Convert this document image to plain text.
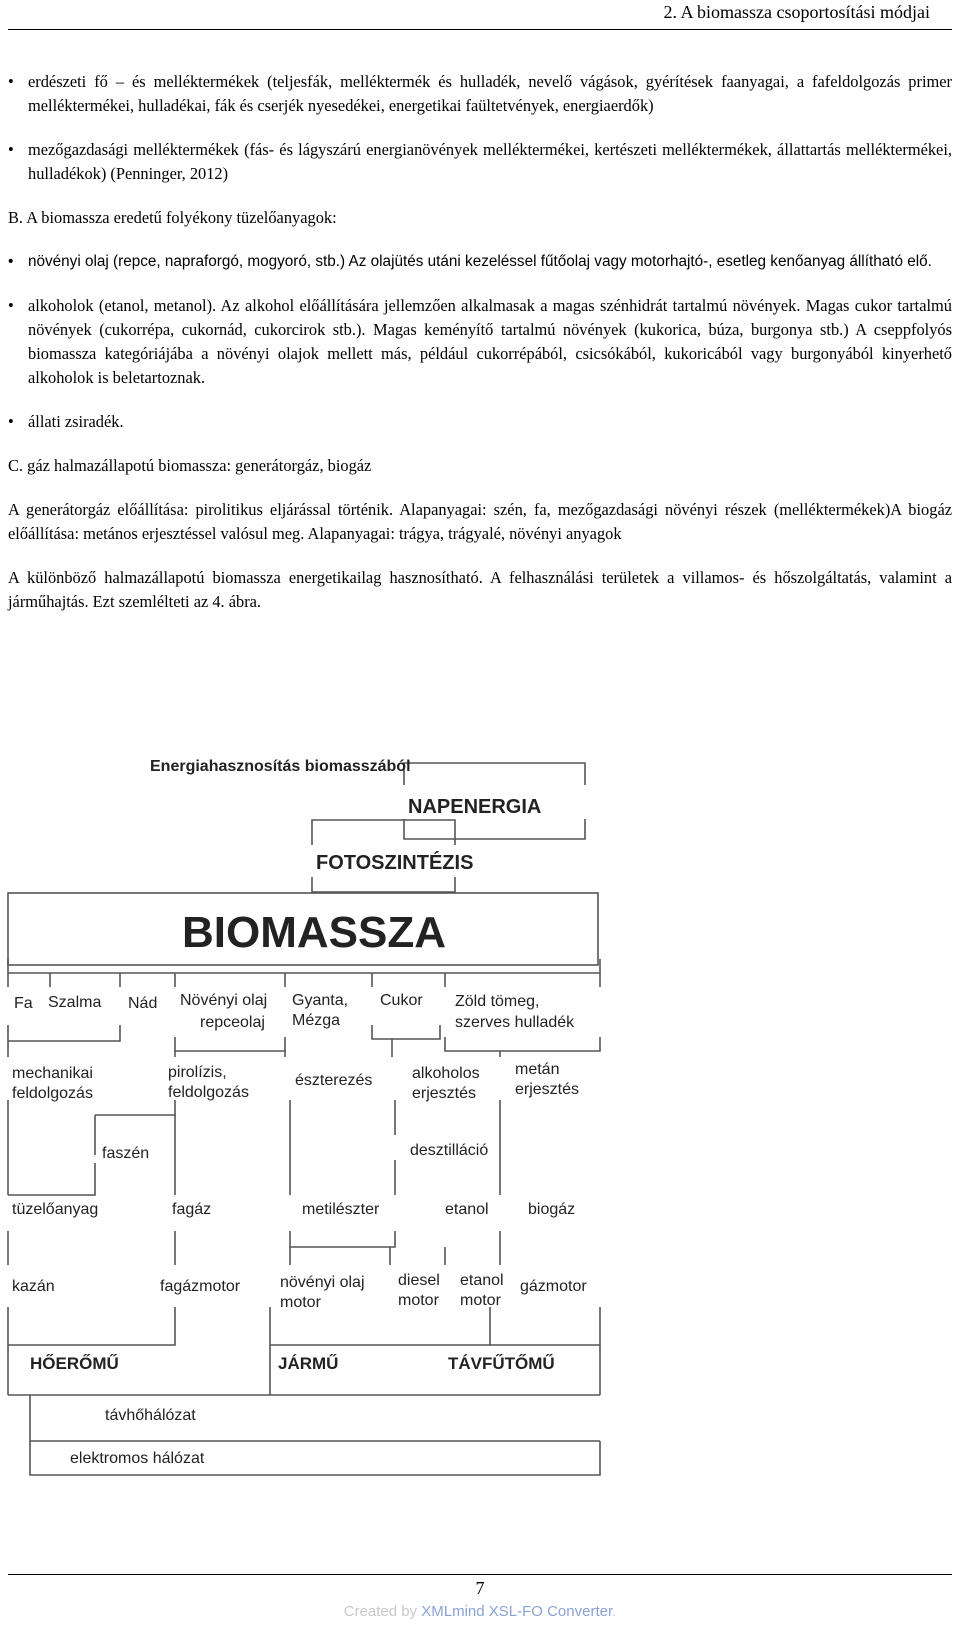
2. A biomassza csoportosítási módjai
• erdészeti fő – és melléktermékek (teljesfák, melléktermék és hulladék, nevelő vágások, gyérítések faanyagai, a fafeldolgozás primer melléktermékei, hulladékai, fák és cserjék nyesedékei, energetikai faültetvények, energiaerdők)
• mezőgazdasági melléktermékek (fás- és lágyszárú energianövények melléktermékei, kertészeti melléktermékek, állattartás melléktermékei, hulladékok) (Penninger, 2012)
B. A biomassza eredetű folyékony tüzelőanyagok:
• növényi olaj (repce, napraforgó, mogyoró, stb.) Az olajütés utáni kezeléssel fűtőolaj vagy motorhajtó-, esetleg kenőanyag állítható elő.
• alkoholok (etanol, metanol). Az alkohol előállítására jellemzően alkalmasak a magas szénhidrát tartalmú növények. Magas cukor tartalmú növények (cukorrépa, cukornád, cukorcirok stb.). Magas keményítő tartalmú növények (kukorica, búza, burgonya stb.) A cseppfolyós biomassza kategóriájába a növényi olajok mellett más, például cukorrépából, csicsókából, kukoricából vagy burgonyából kinyerhető alkoholok is beletartoznak.
• állati zsiradék.
C. gáz halmazállapotú biomassza: generátorgáz, biogáz
A generátorgáz előállítása: pirolitikus eljárással történik. Alapanyagai: szén, fa, mezőgazdasági növényi részek (melléktermékek)A biogáz előállítása: metános erjesztéssel valósul meg. Alapanyagai: trágya, trágyalé, növényi anyagok
A különböző halmazállapotú biomassza energetikailag hasznosítható. A felhasználási területek a villamos- és hőszolgáltatás, valamint a járműhajtás. Ezt szemlélteti az 4. ábra.
Energiahasznosítás biomasszából
NAPENERGIA
FOTOSZINTÉZIS
BIOMASSZA
Fa Szalma Nád Növényi olaj
repceolaj
Gyanta,
Mézga
Cukor Zöld tömeg,
szerves hulladék
mechanikai
feldolgozás
pirolízis,
feldolgozás
észterezés alkoholos
erjesztés
metán
erjesztés
faszén	desztilláció
tüzelőanyag	fagáz	metilészter	etanol biogáz
kazán	fagázmotor növényi olaj
motor
diesel
motor
etanol
motor
gázmotor
HŐERŐMŰ	JÁRMŰ	TÁVFŰTŐMŰ
távhőhálózat
elektromos hálózat
7
Created by XMLmind XSL-FO Converter.
